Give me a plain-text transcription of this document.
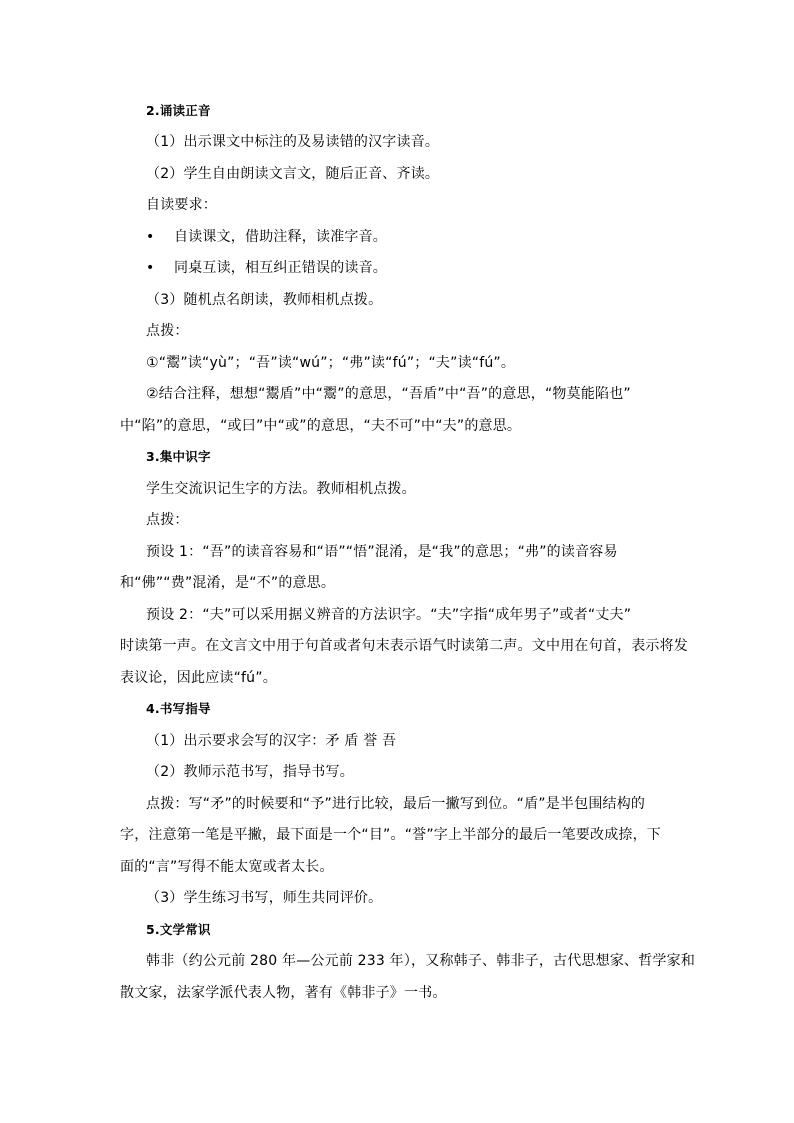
2.诵读正音
（1）出示课文中标注的及易读错的汉字读音。
（2）学生自由朗读文言文，随后正音、齐读。
自读要求：
• 自读课文，借助注释，读准字音。
• 同桌互读，相互纠正错误的读音。
（3）随机点名朗读，教师相机点拨。
点拨：
①“鬻”读“yù”；“吾”读“wú”；“弗”读“fú”；“夫”读“fú”。
②结合注释，想想“鬻盾”中“鬻”的意思，“吾盾”中“吾”的意思，“物莫能陷也”
中“陷”的意思，“或曰”中“或”的意思，“夫不可”中“夫”的意思。
3.集中识字
学生交流识记生字的方法。教师相机点拨。
点拨：
预设 1：“吾”的读音容易和“语”“悟”混淆，是“我”的意思；“弗”的读音容易
和“佛”“费”混淆，是“不”的意思。
预设 2：“夫”可以采用据义辨音的方法识字。“夫”字指“成年男子”或者“丈夫”
时读第一声。在文言文中用于句首或者句末表示语气时读第二声。文中用在句首，表示将发
表议论，因此应读“fú”。
4.书写指导
（1）出示要求会写的汉字：矛 盾 誉 吾
（2）教师示范书写，指导书写。
点拨：写“矛”的时候要和“予”进行比较，最后一撇写到位。“盾”是半包围结构的
字，注意第一笔是平撇，最下面是一个“目”。“誉”字上半部分的最后一笔要改成捺，下
面的“言”写得不能太宽或者太长。
（3）学生练习书写，师生共同评价。
5.文学常识
韩非（约公元前 280 年—公元前 233 年），又称韩子、韩非子，古代思想家、哲学家和
散文家，法家学派代表人物，著有《韩非子》一书。
